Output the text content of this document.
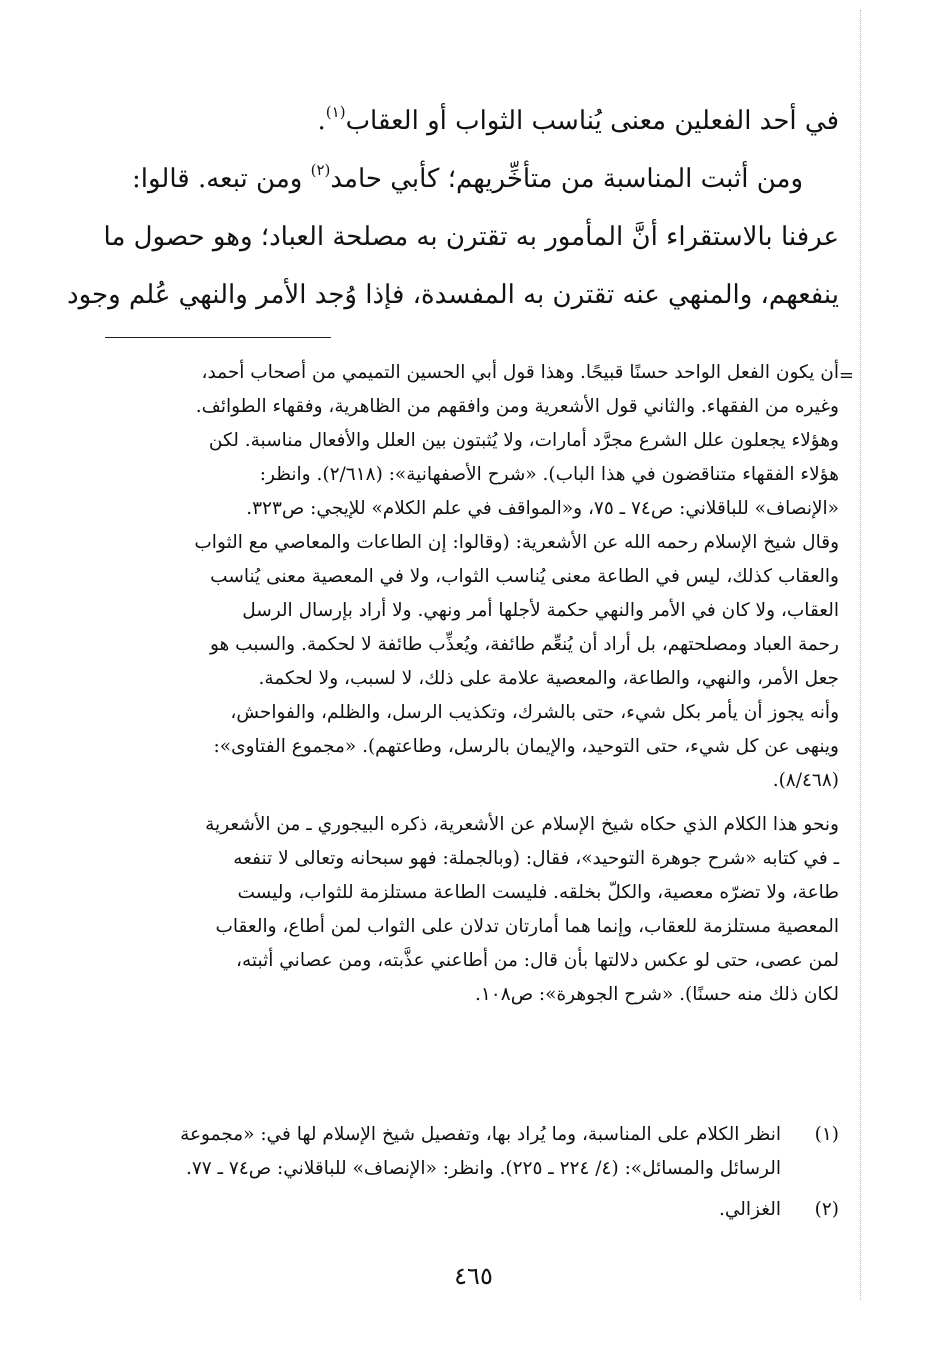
في أحد الفعلين معنى يُناسب الثواب أو العقاب$^{(١)}$.

ومن أثبت المناسبة من متأخِّريهم؛ كأبي حامد$^{(٢)}$ ومن تبعه. قالوا:

عرفنا بالاستقراء أنَّ المأمور به تقترن به مصلحة العباد؛ وهو حصول ما

ينفعهم، والمنهي عنه تقترن به المفسدة، فإذا وُجد الأمر والنهي عُلم وجود

=

أن يكون الفعل الواحد حسنًا قبيحًا. وهذا قول أبي الحسين التميمي من أصحاب أحمد،

وغيره من الفقهاء. والثاني قول الأشعرية ومن وافقهم من الظاهرية، وفقهاء الطوائف.

وهؤلاء يجعلون علل الشرع مجرَّد أمارات، ولا يُثبتون بين العلل والأفعال مناسبة. لكن

هؤلاء الفقهاء متناقضون في هذا الباب). «شرح الأصفهانية»: (٢/٦١٨). وانظر:

«الإنصاف» للباقلاني: ص٧٤ ـ ٧٥، و«المواقف في علم الكلام» للإيجي: ص٣٢٣.

وقال شيخ الإسلام رحمه الله عن الأشعرية: (وقالوا: إن الطاعات والمعاصي مع الثواب

والعقاب كذلك، ليس في الطاعة معنى يُناسب الثواب، ولا في المعصية معنى يُناسب

العقاب، ولا كان في الأمر والنهي حكمة لأجلها أمر ونهي. ولا أراد بإرسال الرسل

رحمة العباد ومصلحتهم، بل أراد أن يُنعِّم طائفة، ويُعذِّب طائفة لا لحكمة. والسبب هو

جعل الأمر، والنهي، والطاعة، والمعصية علامة على ذلك، لا لسبب، ولا لحكمة.

وأنه يجوز أن يأمر بكل شيء، حتى بالشرك، وتكذيب الرسل، والظلم، والفواحش،

وينهى عن كل شيء، حتى التوحيد، والإيمان بالرسل، وطاعتهم). «مجموع الفتاوى»:

(٨/٤٦٨).

ونحو هذا الكلام الذي حكاه شيخ الإسلام عن الأشعرية، ذكره البيجوري ـ من الأشعرية

ـ في كتابه «شرح جوهرة التوحيد»، فقال: (وبالجملة: فهو سبحانه وتعالى لا تنفعه

طاعة، ولا تضرّه معصية، والكلّ بخلقه. فليست الطاعة مستلزمة للثواب، وليست

المعصية مستلزمة للعقاب، وإنما هما أمارتان تدلان على الثواب لمن أطاع، والعقاب

لمن عصى، حتى لو عكس دلالتها بأن قال: من أطاعني عذَّبته، ومن عصاني أثبته،

لكان ذلك منه حسنًا). «شرح الجوهرة»: ص١٠٨.

(١)
انظر الكلام على المناسبة، وما يُراد بها، وتفصيل شيخ الإسلام لها في: «مجموعة
الرسائل والمسائل»: (٤/ ٢٢٤ ـ ٢٢٥). وانظر: «الإنصاف» للباقلاني: ص٧٤ ـ ٧٧.
(٢)
الغزالي.
٤٦٥
